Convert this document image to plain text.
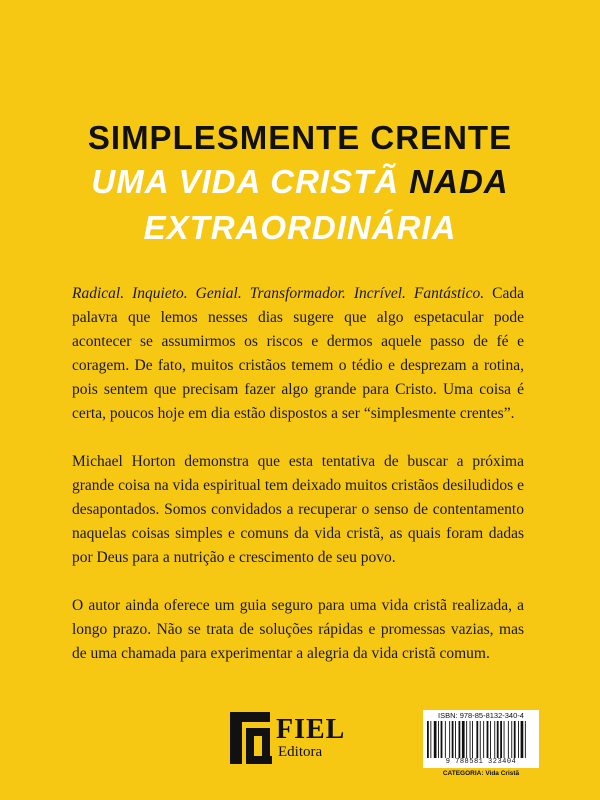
SIMPLESMENTE CRENTE
UMA VIDA CRISTÃ NADA
EXTRAORDINÁRIA

Radical. Inquieto. Genial. Transformador. Incrível. Fantástico. Cada palavra que lemos nesses dias sugere que algo espetacular pode acontecer se assumirmos os riscos e dermos aquele passo de fé e coragem. De fato, muitos cristãos temem o tédio e desprezam a rotina, pois sentem que precisam fazer algo grande para Cristo. Uma coisa é certa, poucos hoje em dia estão dispostos a ser “simplesmente crentes”.

Michael Horton demonstra que esta tentativa de buscar a próxima grande coisa na vida espiritual tem deixado muitos cristãos desiludidos e desapontados. Somos convidados a recuperar o senso de contentamento naquelas coisas simples e comuns da vida cristã, as quais foram dadas por Deus para a nutrição e crescimento de seu povo.

O autor ainda oferece um guia seguro para uma vida cristã realizada, a longo prazo. Não se trata de soluções rápidas e promessas vazias, mas de uma chamada para experimentar a alegria da vida cristã comum.

FIEL
Editora
ISBN: 978-85-8132-340-4
9 788581 323404
CATEGORIA: Vida Cristã
